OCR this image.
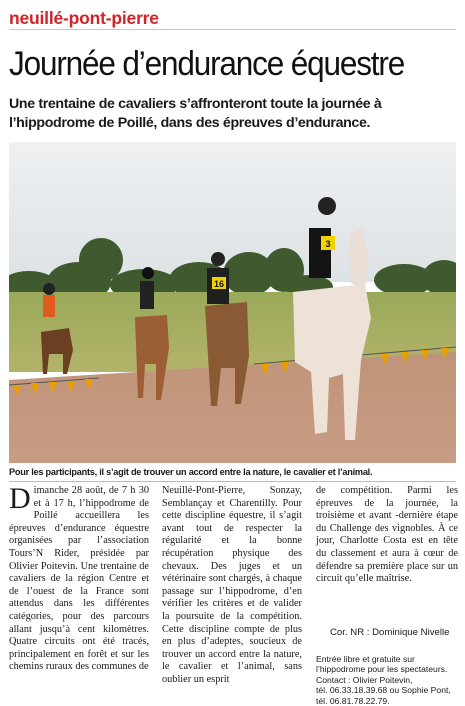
neuillé-pont-pierre
Journée d’endurance équestre
Une trentaine de cavaliers s’affronteront toute la journée à l’hippodrome de Poillé, dans des épreuves d’endurance.
16
3
Pour les participants, il s’agit de trouver un accord entre la nature, le cavalier et l’animal.
D imanche 28 août, de 7 h 30 et à 17 h, l’hippodrome de Poillé accueillera les épreuves d’endurance équestre organisées par l’association Tours’N Rider, présidée par Olivier Poitevin. Une trentaine de cavaliers de la région Centre et de l’ouest de la France sont attendus dans les différentes catégories, pour des parcours allant jusqu’à cent kilomètres. Quatre circuits ont été tracés, principalement en forêt et sur les chemins ruraux des communes de
Neuillé-Pont-Pierre, Sonzay, Semblançay et Charentilly. Pour cette discipline équestre, il s’agit avant tout de respecter la régularité et la bonne récupération physique des chevaux. Des juges et un vétérinaire sont chargés, à chaque passage sur l’hippodrome, d’en vérifier les critères et de valider la poursuite de la compétition. Cette discipline compte de plus en plus d’adeptes, soucieux de trouver un accord entre la nature, le cavalier et l’animal, sans oublier un esprit
de compétition. Parmi les épreuves de la journée, la troisième et avant -dernière étape du Challenge des vignobles. À ce jour, Charlotte Costa est en tête du classement et aura à cœur de défendre sa première place sur un circuit qu’elle maîtrise.
Cor. NR : Dominique Nivelle
Entrée libre et gratuite sur l’hippodrome pour les spectateurs.
Contact : Olivier Poitevin,
tél. 06.33.18.39.68 ou Sophie Pont,
tél. 06.81.78.22.79.
